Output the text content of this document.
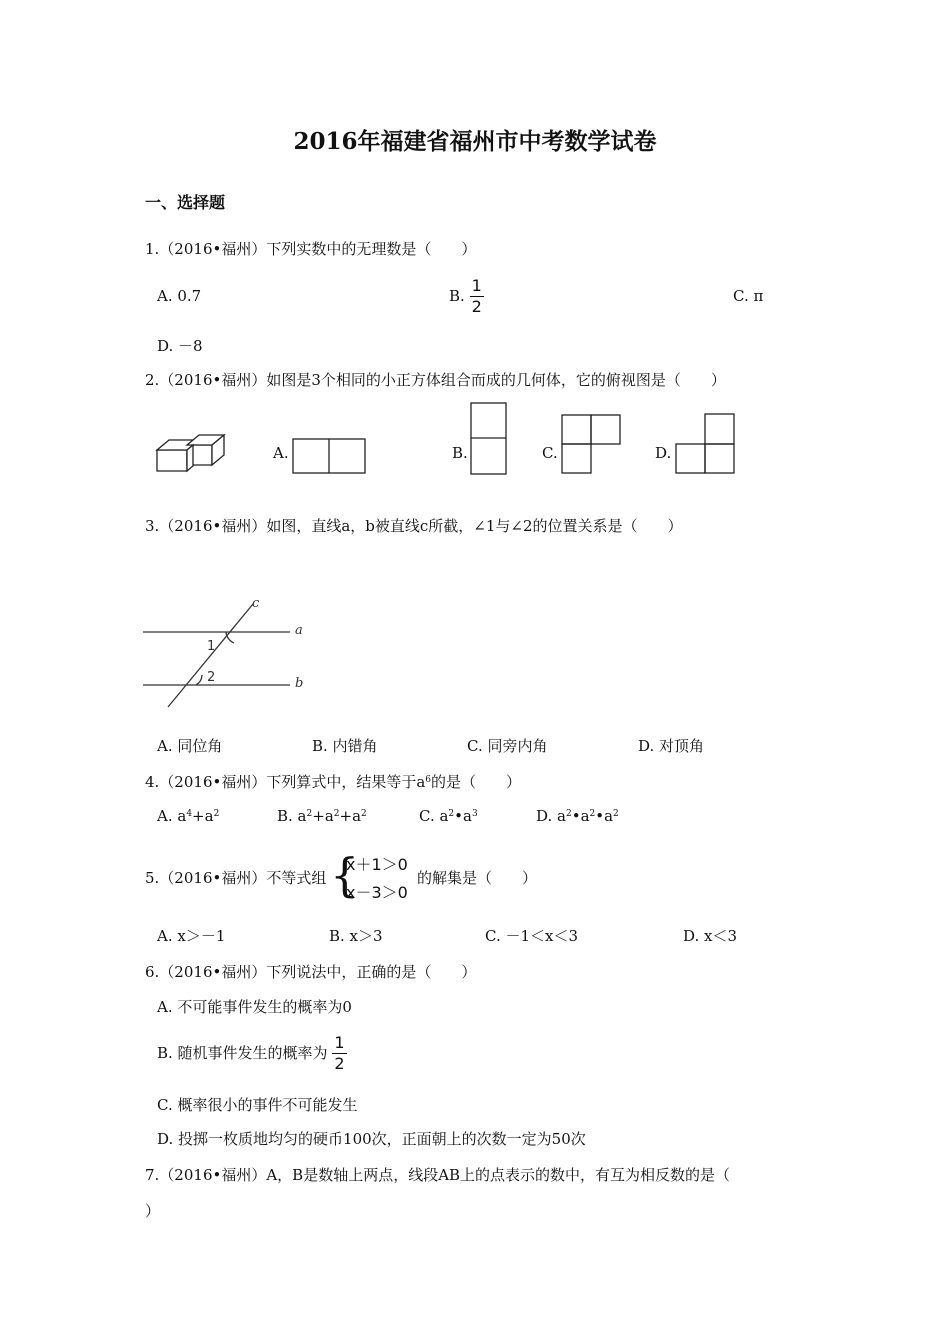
2016年福建省福州市中考数学试卷
一、选择题
1.（2016•福州）下列实数中的无理数是（　　）
A. 0.7	B. $\frac{1}{2}$	C. π
D. －8
2.（2016•福州）如图是3个相同的小正方体组合而成的几何体，它的俯视图是（　　）
A.	B.	C.	D.
3.（2016•福州）如图，直线a，b被直线c所截，∠1与∠2的位置关系是（　　）
c
a
b
1
2
A. 同位角	B. 内错角	C. 同旁内角	D. 对顶角
4.（2016•福州）下列算式中，结果等于$a^6$的是（　　）
A. $a^4+a^2$	B. $a^2+a^2+a^2$	C. $a^2•a^3$	D. $a^2•a^2•a^2$
5.（2016•福州）不等式组 {
x＋1＞0
x－3＞0
的解集是（　　）
A. x＞－1	B. x＞3	C. －1＜x＜3	D. x＜3
6.（2016•福州）下列说法中，正确的是（　　）
A. 不可能事件发生的概率为0
B. 随机事件发生的概率为 $\frac{1}{2}$
C. 概率很小的事件不可能发生
D. 投掷一枚质地均匀的硬币100次，正面朝上的次数一定为50次
7.（2016•福州）A，B是数轴上两点，线段AB上的点表示的数中，有互为相反数的是（
）
